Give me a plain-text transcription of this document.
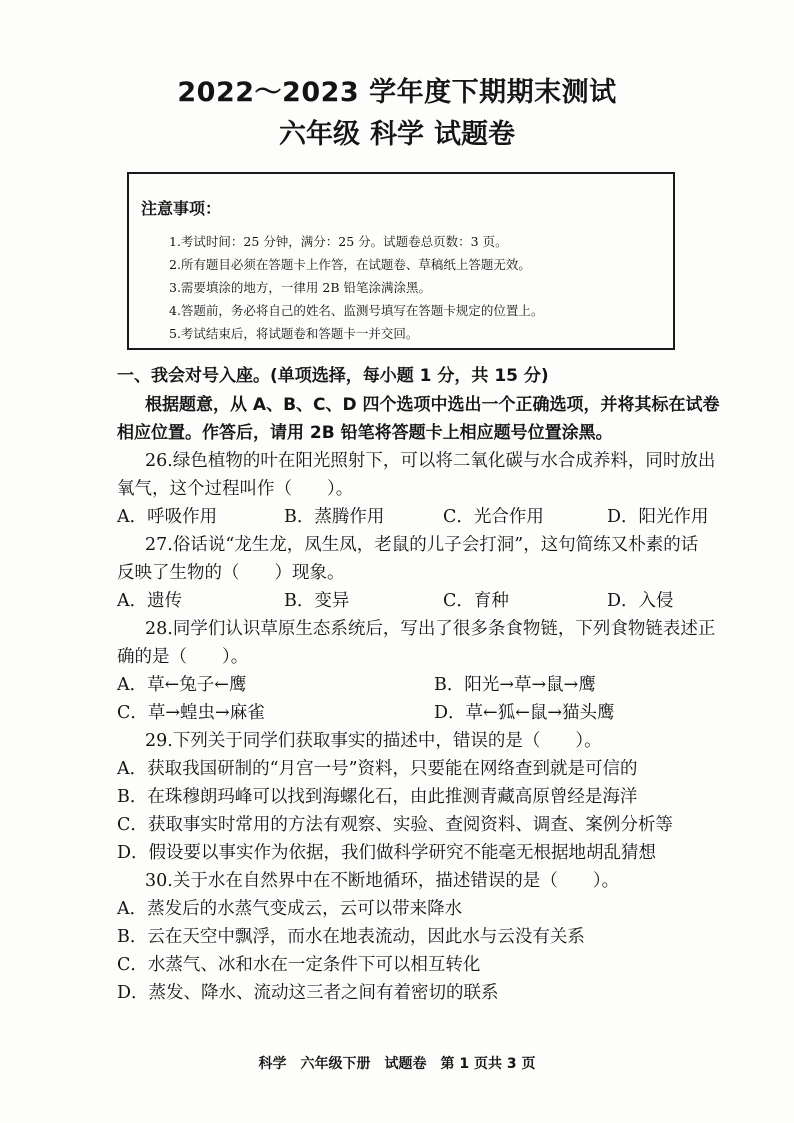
2022～2023 学年度下期期末测试
六年级 科学 试题卷
注意事项：
1.考试时间：25 分钟，满分：25 分。试题卷总页数：3 页。
2.所有题目必须在答题卡上作答，在试题卷、草稿纸上答题无效。
3.需要填涂的地方，一律用 2B 铅笔涂满涂黑。
4.答题前，务必将自己的姓名、监测号填写在答题卡规定的位置上。
5.考试结束后，将试题卷和答题卡一并交回。
一、我会对号入座。(单项选择，每小题 1 分，共 15 分)
根据题意，从 A、B、C、D 四个选项中选出一个正确选项，并将其标在试卷
相应位置。作答后，请用 2B 铅笔将答题卡上相应题号位置涂黑。
26.绿色植物的叶在阳光照射下，可以将二氧化碳与水合成养料，同时放出
氧气，这个过程叫作（　　）。
A．呼吸作用	B．蒸腾作用	C．光合作用	D．阳光作用
27.俗话说“龙生龙，凤生凤，老鼠的儿子会打洞”，这句简练又朴素的话
反映了生物的（　　）现象。
A．遗传	B．变异	C．育种	D．入侵
28.同学们认识草原生态系统后，写出了很多条食物链，下列食物链表述正
确的是（　　）。
A．草←兔子←鹰	B．阳光→草→鼠→鹰
C．草→蝗虫→麻雀	D．草←狐←鼠→猫头鹰
29.下列关于同学们获取事实的描述中，错误的是（　　）。
A．获取我国研制的“月宫一号”资料，只要能在网络查到就是可信的
B．在珠穆朗玛峰可以找到海螺化石，由此推测青藏高原曾经是海洋
C．获取事实时常用的方法有观察、实验、查阅资料、调查、案例分析等
D．假设要以事实作为依据，我们做科学研究不能毫无根据地胡乱猜想
30.关于水在自然界中在不断地循环，描述错误的是（　　）。
A．蒸发后的水蒸气变成云，云可以带来降水
B．云在天空中飘浮，而水在地表流动，因此水与云没有关系
C．水蒸气、冰和水在一定条件下可以相互转化
D．蒸发、降水、流动这三者之间有着密切的联系
科学　六年级下册　试题卷　第 1 页共 3 页
